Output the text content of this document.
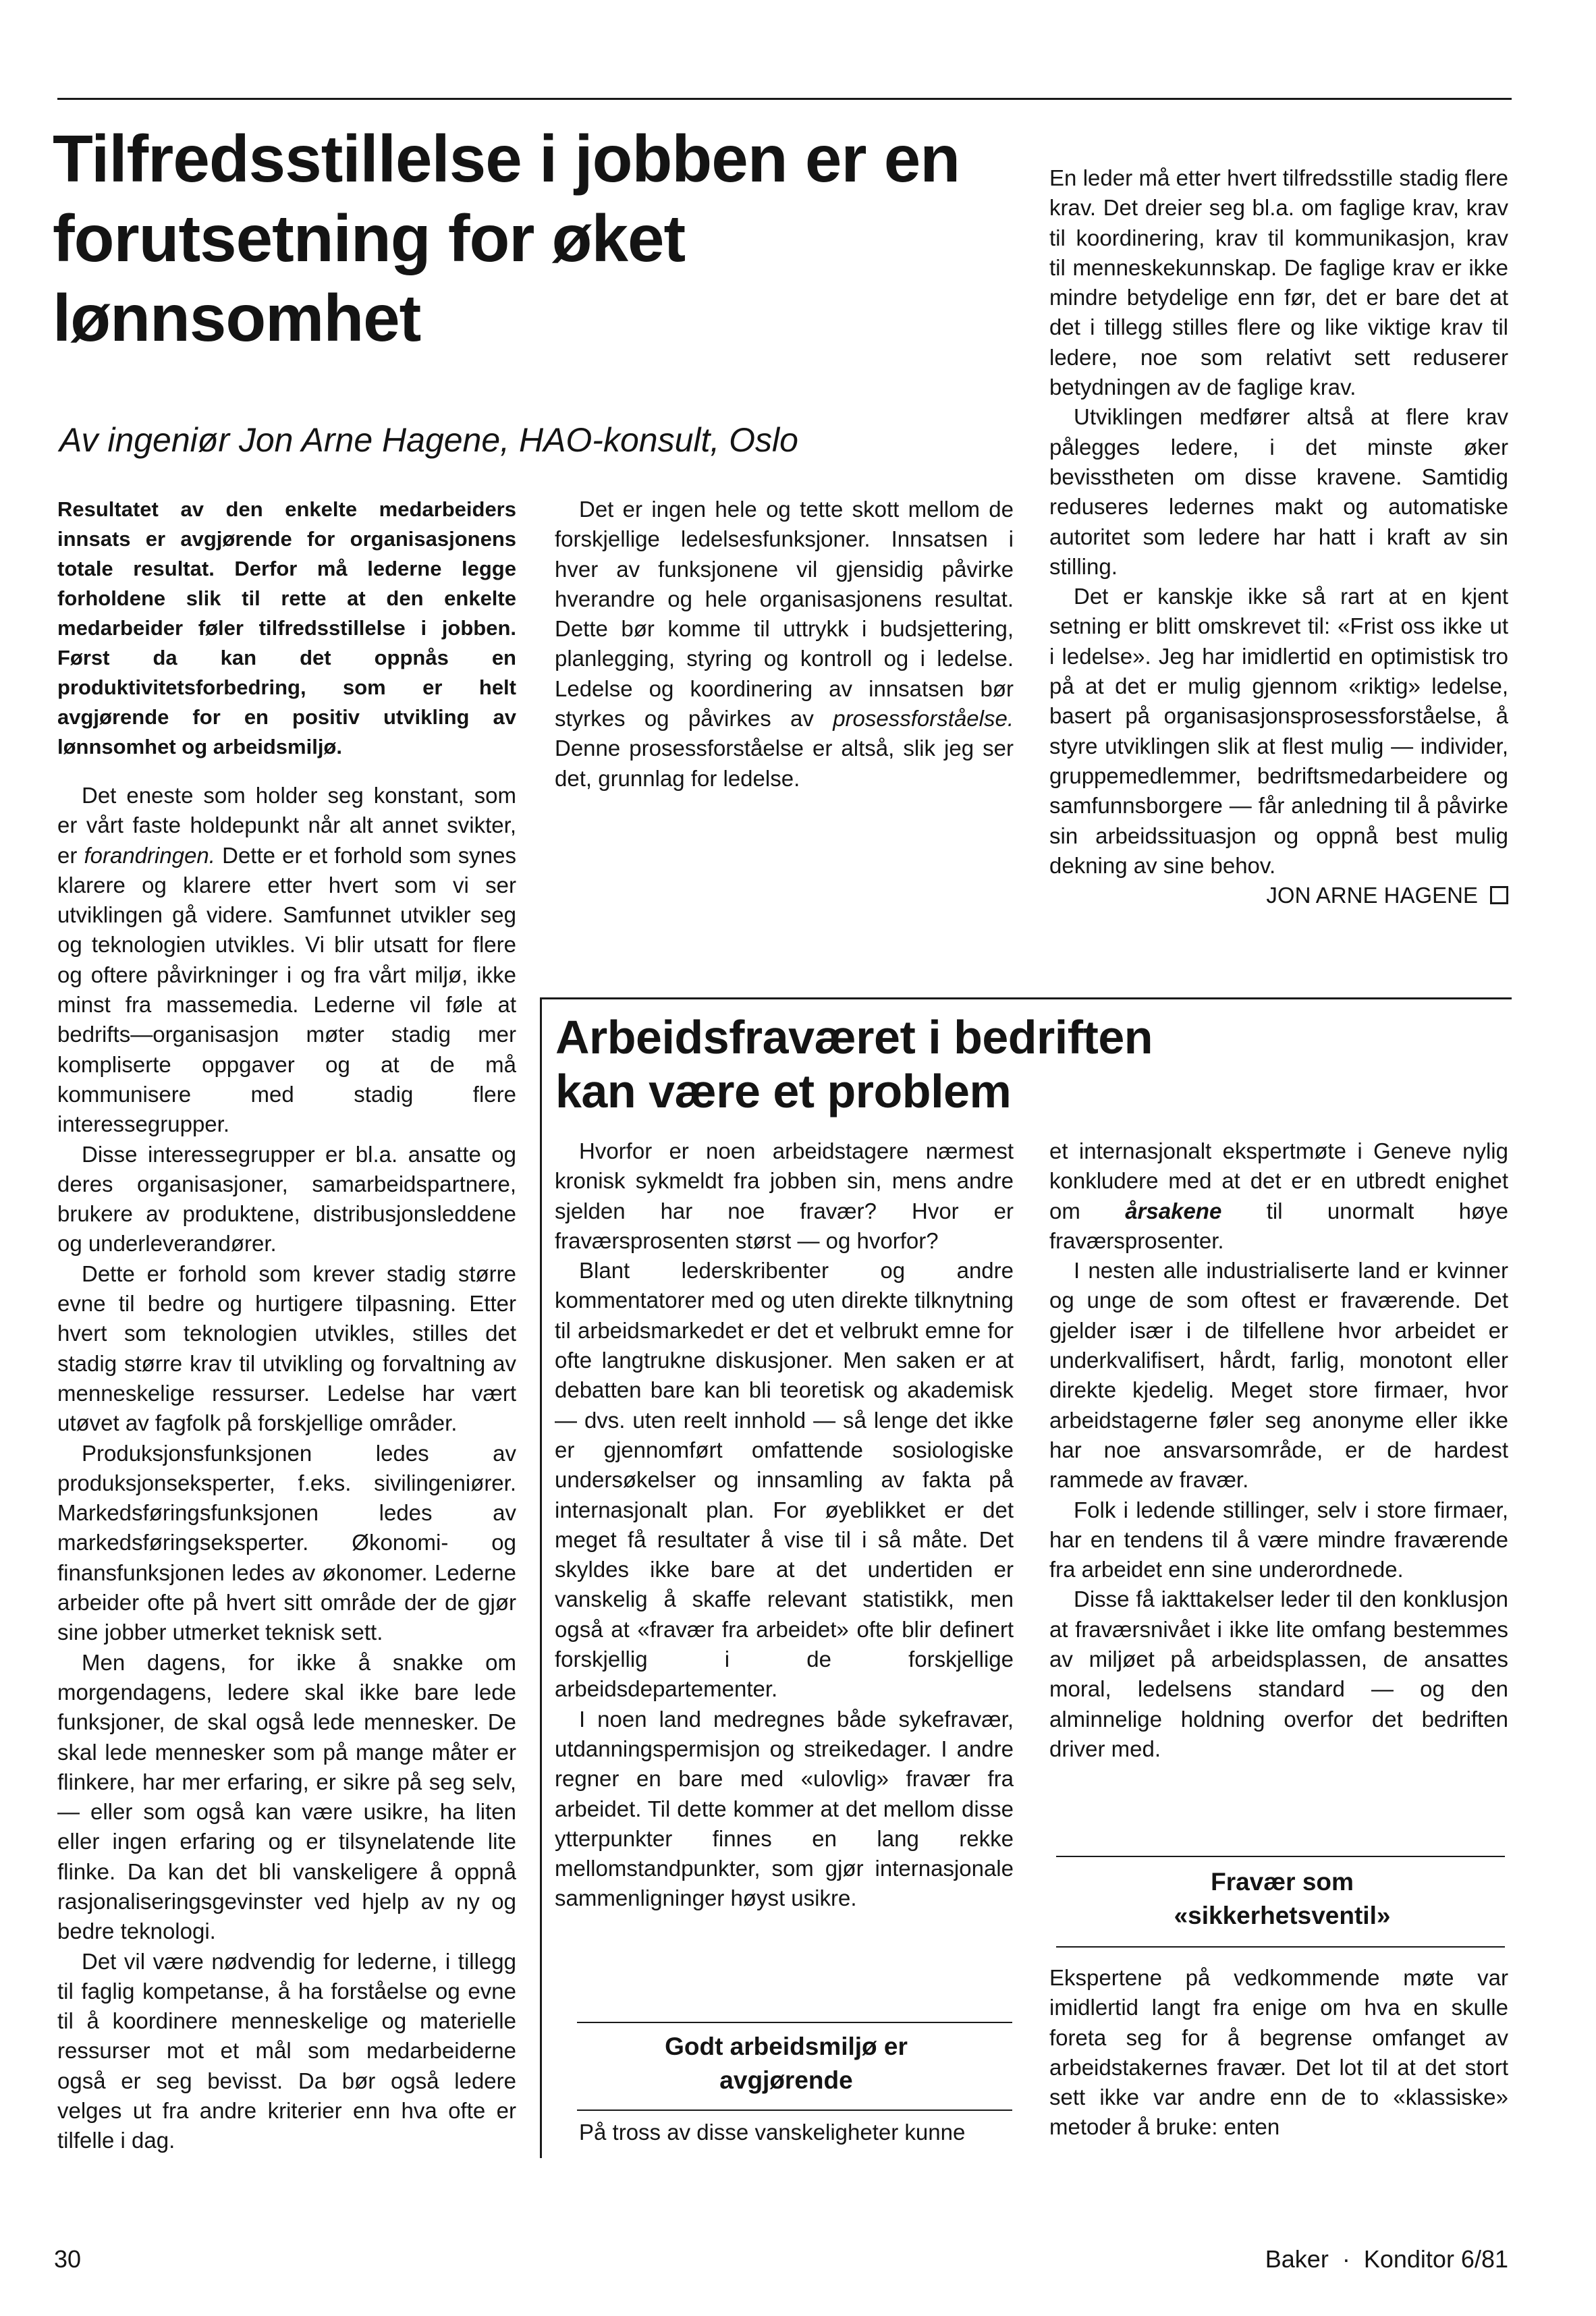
Tilfredsstillelse i jobben er en forutsetning for øket lønnsomhet
Av ingeniør Jon Arne Hagene, HAO-konsult, Oslo

Resultatet av den enkelte medarbeiders innsats er avgjørende for organisasjonens totale resultat. Derfor må lederne legge forholdene slik til rette at den enkelte medarbeider føler tilfredsstillelse i jobben. Først da kan det oppnås en produktivitetsforbedring, som er helt avgjørende for en positiv utvikling av lønnsomhet og arbeidsmiljø.

Det eneste som holder seg konstant, som er vårt faste holdepunkt når alt annet svikter, er forandringen. Dette er et forhold som synes klarere og klarere etter hvert som vi ser utviklingen gå videre. Samfunnet utvikler seg og teknologien utvikles. Vi blir utsatt for flere og oftere påvirkninger i og fra vårt miljø, ikke minst fra massemedia. Lederne vil føle at bedrifts—organisasjon møter stadig mer kompliserte oppgaver og at de må kommunisere med stadig flere interessegrupper.

Disse interessegrupper er bl.a. ansatte og deres organisasjoner, samarbeidspartnere, brukere av produktene, distribusjonsleddene og underleverandører.

Dette er forhold som krever stadig større evne til bedre og hurtigere tilpasning. Etter hvert som teknologien utvikles, stilles det stadig større krav til utvikling og forvaltning av menneskelige ressurser. Ledelse har vært utøvet av fagfolk på forskjellige områder.

Produksjonsfunksjonen ledes av produksjonseksperter, f.eks. sivilingeniører. Markedsføringsfunksjonen ledes av markedsføringseksperter. Økonomi- og finansfunksjonen ledes av økonomer. Lederne arbeider ofte på hvert sitt område der de gjør sine jobber utmerket teknisk sett.

Men dagens, for ikke å snakke om morgendagens, ledere skal ikke bare lede funksjoner, de skal også lede mennesker. De skal lede mennesker som på mange måter er flinkere, har mer erfaring, er sikre på seg selv, — eller som også kan være usikre, ha liten eller ingen erfaring og er tilsynelatende lite flinke. Da kan det bli vanskeligere å oppnå rasjonaliseringsgevinster ved hjelp av ny og bedre teknologi.

Det vil være nødvendig for lederne, i tillegg til faglig kompetanse, å ha forståelse og evne til å koordinere menneskelige og materielle ressurser mot et mål som medarbeiderne også er seg bevisst. Da bør også ledere velges ut fra andre kriterier enn hva ofte er tilfelle i dag.

Det er ingen hele og tette skott mellom de forskjellige ledelsesfunksjoner. Innsatsen i hver av funksjonene vil gjensidig påvirke hverandre og hele organisasjonens resultat. Dette bør komme til uttrykk i budsjettering, planlegging, styring og kontroll og i ledelse. Ledelse og koordinering av innsatsen bør styrkes og påvirkes av prosessforståelse. Denne prosessforståelse er altså, slik jeg ser det, grunnlag for ledelse.

En leder må etter hvert tilfredsstille stadig flere krav. Det dreier seg bl.a. om faglige krav, krav til koordinering, krav til kommunikasjon, krav til menneskekunnskap. De faglige krav er ikke mindre betydelige enn før, det er bare det at det i tillegg stilles flere og like viktige krav til ledere, noe som relativt sett reduserer betydningen av de faglige krav.

Utviklingen medfører altså at flere krav pålegges ledere, i det minste øker bevisstheten om disse kravene. Samtidig reduseres ledernes makt og automatiske autoritet som ledere har hatt i kraft av sin stilling.

Det er kanskje ikke så rart at en kjent setning er blitt omskrevet til: «Frist oss ikke ut i ledelse». Jeg har imidlertid en optimistisk tro på at det er mulig gjennom «riktig» ledelse, basert på organisasjonsprosessforståelse, å styre utviklingen slik at flest mulig — individer, gruppemedlemmer, bedriftsmedarbeidere og samfunnsborgere — får anledning til å påvirke sin arbeidssituasjon og oppnå best mulig dekning av sine behov.

JON ARNE HAGENE

Arbeidsfraværet i bedriften kan være et problem

Hvorfor er noen arbeidstagere nærmest kronisk sykmeldt fra jobben sin, mens andre sjelden har noe fravær? Hvor er fraværsprosenten størst — og hvorfor?

Blant lederskribenter og andre kommentatorer med og uten direkte tilknytning til arbeidsmarkedet er det et velbrukt emne for ofte langtrukne diskusjoner. Men saken er at debatten bare kan bli teoretisk og akademisk — dvs. uten reelt innhold — så lenge det ikke er gjennomført omfattende sosiologiske undersøkelser og innsamling av fakta på internasjonalt plan. For øyeblikket er det meget få resultater å vise til i så måte. Det skyldes ikke bare at det undertiden er vanskelig å skaffe relevant statistikk, men også at «fravær fra arbeidet» ofte blir definert forskjellig i de forskjellige arbeidsdepartementer.

I noen land medregnes både sykefravær, utdanningspermisjon og streikedager. I andre regner en bare med «ulovlig» fravær fra arbeidet. Til dette kommer at det mellom disse ytterpunkter finnes en lang rekke mellomstandpunkter, som gjør internasjonale sammenligninger høyst usikre.

Godt arbeidsmiljø er avgjørende

På tross av disse vanskeligheter kunne

et internasjonalt ekspertmøte i Geneve nylig konkludere med at det er en utbredt enighet om årsakene til unormalt høye fraværsprosenter.

I nesten alle industrialiserte land er kvinner og unge de som oftest er fraværende. Det gjelder især i de tilfellene hvor arbeidet er underkvalifisert, hårdt, farlig, monotont eller direkte kjedelig. Meget store firmaer, hvor arbeidstagerne føler seg anonyme eller ikke har noe ansvarsområde, er de hardest rammede av fravær.

Folk i ledende stillinger, selv i store firmaer, har en tendens til å være mindre fraværende fra arbeidet enn sine underordnede.

Disse få iakttakelser leder til den konklusjon at fraværsnivået i ikke lite omfang bestemmes av miljøet på arbeidsplassen, de ansattes moral, ledelsens standard — og den alminnelige holdning overfor det bedriften driver med.

Fravær som «sikkerhetsventil»

Ekspertene på vedkommende møte var imidlertid langt fra enige om hva en skulle foreta seg for å begrense omfanget av arbeidstakernes fravær. Det lot til at det stort sett ikke var andre enn de to «klassiske» metoder å bruke: enten

30	Baker · Konditor 6/81
